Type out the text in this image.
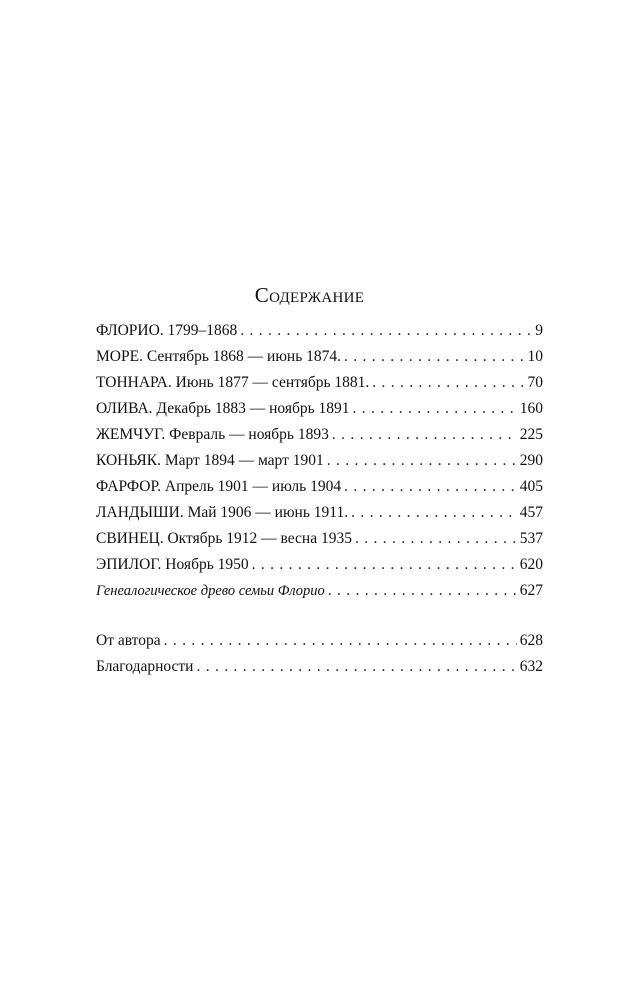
Содержание
ФЛОРИО. 1799–1868 . . .	9
МОРЕ. Сентябрь 1868 — июнь 1874. . . .	10
ТОННАРА. Июнь 1877 — сентябрь 1881. . . .	70
ОЛИВА. Декабрь 1883 — ноябрь 1891 . . .	160
ЖЕМЧУГ. Февраль — ноябрь 1893 . . .	225
КОНЬЯК. Март 1894 — март 1901 . . .	290
ФАРФОР. Апрель 1901 — июль 1904 . . .	405
ЛАНДЫШИ. Май 1906 — июнь 1911. . . .	457
СВИНЕЦ. Октябрь 1912 — весна 1935 . . .	537
ЭПИЛОГ. Ноябрь 1950 . . .	620
Генеалогическое древо семьи Флорио . . .	627
От автора . . .	628
Благодарности . . .	632
